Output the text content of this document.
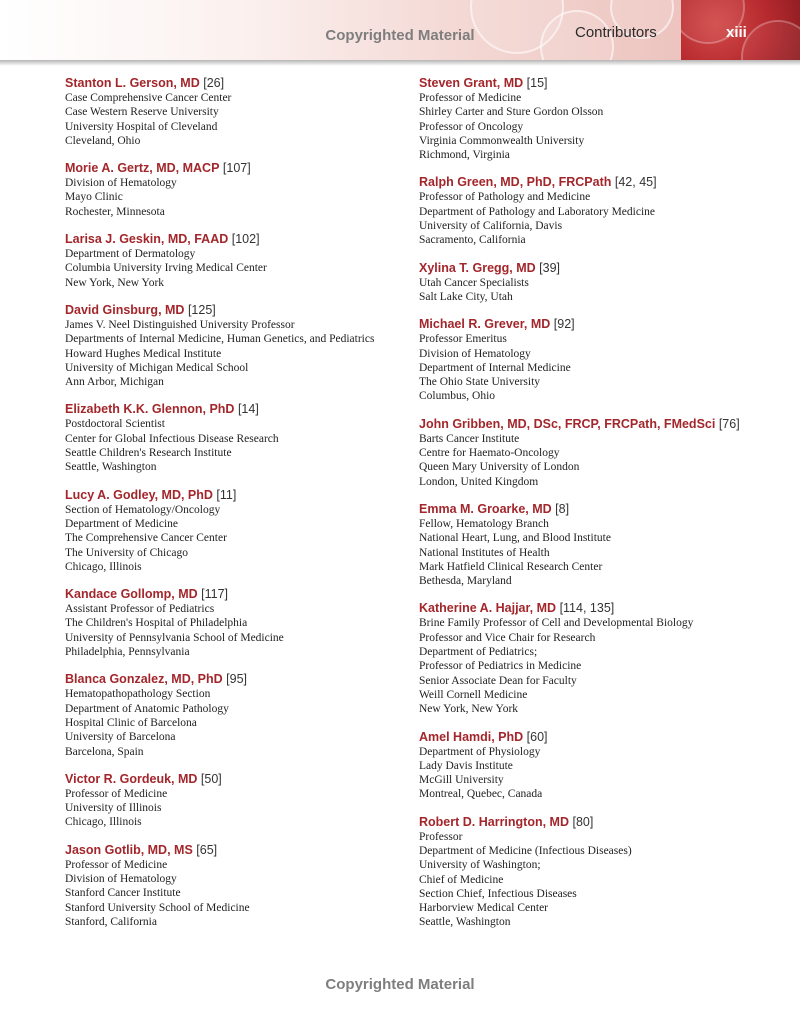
Copyrighted Material	Contributors	xiii
Stanton L. Gerson, MD [26]
Case Comprehensive Cancer Center
Case Western Reserve University
University Hospital of Cleveland
Cleveland, Ohio
Morie A. Gertz, MD, MACP [107]
Division of Hematology
Mayo Clinic
Rochester, Minnesota
Larisa J. Geskin, MD, FAAD [102]
Department of Dermatology
Columbia University Irving Medical Center
New York, New York
David Ginsburg, MD [125]
James V. Neel Distinguished University Professor
Departments of Internal Medicine, Human Genetics, and Pediatrics
Howard Hughes Medical Institute
University of Michigan Medical School
Ann Arbor, Michigan
Elizabeth K.K. Glennon, PhD [14]
Postdoctoral Scientist
Center for Global Infectious Disease Research
Seattle Children's Research Institute
Seattle, Washington
Lucy A. Godley, MD, PhD [11]
Section of Hematology/Oncology
Department of Medicine
The Comprehensive Cancer Center
The University of Chicago
Chicago, Illinois
Kandace Gollomp, MD [117]
Assistant Professor of Pediatrics
The Children's Hospital of Philadelphia
University of Pennsylvania School of Medicine
Philadelphia, Pennsylvania
Blanca Gonzalez, MD, PhD [95]
Hematopathopathology Section
Department of Anatomic Pathology
Hospital Clinic of Barcelona
University of Barcelona
Barcelona, Spain
Victor R. Gordeuk, MD [50]
Professor of Medicine
University of Illinois
Chicago, Illinois
Jason Gotlib, MD, MS [65]
Professor of Medicine
Division of Hematology
Stanford Cancer Institute
Stanford University School of Medicine
Stanford, California
Steven Grant, MD [15]
Professor of Medicine
Shirley Carter and Sture Gordon Olsson
Professor of Oncology
Virginia Commonwealth University
Richmond, Virginia
Ralph Green, MD, PhD, FRCPath [42, 45]
Professor of Pathology and Medicine
Department of Pathology and Laboratory Medicine
University of California, Davis
Sacramento, California
Xylina T. Gregg, MD [39]
Utah Cancer Specialists
Salt Lake City, Utah
Michael R. Grever, MD [92]
Professor Emeritus
Division of Hematology
Department of Internal Medicine
The Ohio State University
Columbus, Ohio
John Gribben, MD, DSc, FRCP, FRCPath, FMedSci [76]
Barts Cancer Institute
Centre for Haemato-Oncology
Queen Mary University of London
London, United Kingdom
Emma M. Groarke, MD [8]
Fellow, Hematology Branch
National Heart, Lung, and Blood Institute
National Institutes of Health
Mark Hatfield Clinical Research Center
Bethesda, Maryland
Katherine A. Hajjar, MD [114, 135]
Brine Family Professor of Cell and Developmental Biology
Professor and Vice Chair for Research
Department of Pediatrics;
Professor of Pediatrics in Medicine
Senior Associate Dean for Faculty
Weill Cornell Medicine
New York, New York
Amel Hamdi, PhD [60]
Department of Physiology
Lady Davis Institute
McGill University
Montreal, Quebec, Canada
Robert D. Harrington, MD [80]
Professor
Department of Medicine (Infectious Diseases)
University of Washington;
Chief of Medicine
Section Chief, Infectious Diseases
Harborview Medical Center
Seattle, Washington
Copyrighted Material
